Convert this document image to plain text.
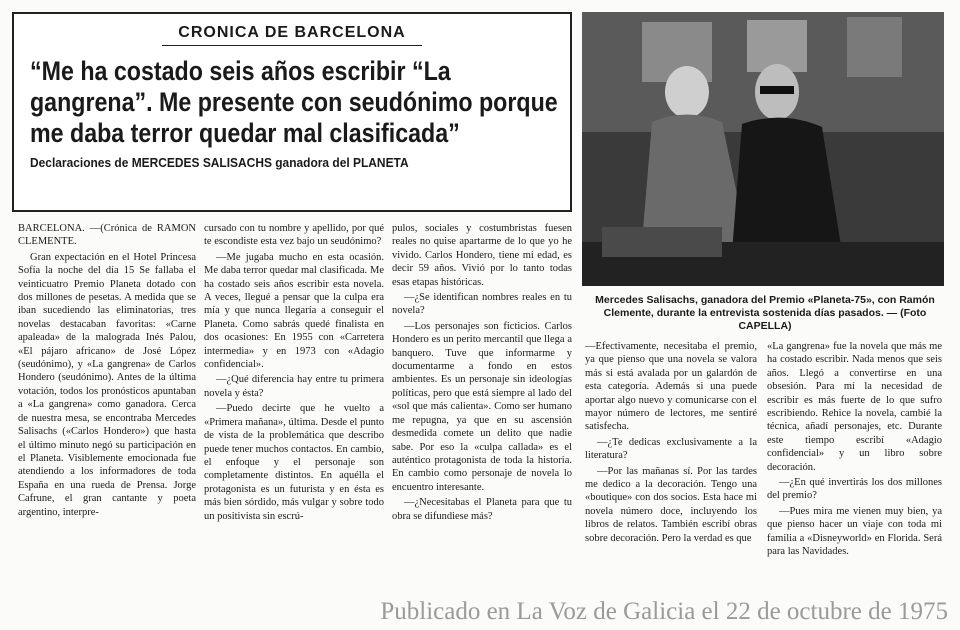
CRONICA DE BARCELONA
“Me ha costado seis años escribir “La gangrena”. Me presente con seudónimo porque me daba terror quedar mal clasificada”
Declaraciones de MERCEDES SALISACHS ganadora del PLANETA
Mercedes Salisachs, ganadora del Premio «Planeta-75», con Ramón Clemente, durante la entrevista sostenida días pasados. — (Foto CAPELLA)

BARCELONA. —(Crónica de RAMON CLEMENTE.

Gran expectación en el Hotel Princesa Sofía la noche del día 15 Se fallaba el veinticuatro Premio Planeta dotado con dos millones de pesetas. A medida que se iban sucediendo las eliminatorias, tres novelas destacaban favoritas: «Carne apaleada» de la malograda Inés Palou, «El pájaro africano» de José López (seudónimo), y «La gangrena» de Carlos Hondero (seudónimo). Antes de la última votación, todos los pronósticos apuntaban a «La gangrena» como ganadora. Cerca de nuestra mesa, se encontraba Mercedes Salisachs («Carlos Hondero») que hasta el último minuto negó su participación en el Planeta. Visiblemente emocionada fue atendiendo a los informadores de toda España en una rueda de Prensa. Jorge Cafrune, el gran cantante y poeta argentino, interpre-

cursado con tu nombre y apellido, por qué te escondiste esta vez bajo un seudónimo?

—Me jugaba mucho en esta ocasión. Me daba terror quedar mal clasificada. Me ha costado seis años escribir esta novela. A veces, llegué a pensar que la culpa era mía y que nunca llegaría a conseguir el Planeta. Como sabrás quedé finalista en dos ocasiones: En 1955 con «Carretera intermedia» y en 1973 con «Adagio confidencial».

—¿Qué diferencia hay entre tu primera novela y ésta?

—Puedo decirte que he vuelto a «Primera mañana», última. Desde el punto de vista de la problemática que describo puede tener muchos contactos. En cambio, el enfoque y el personaje son completamente distintos. En aquélla el protagonista es un futurista y en ésta es más bien sórdido, más vulgar y sobre todo un positivista sin escrú-

pulos, sociales y costumbristas fuesen reales no quise apartarme de lo que yo he vivido. Carlos Hondero, tiene mi edad, es decir 59 años. Vivió por lo tanto todas esas etapas históricas.

—¿Se identifican nombres reales en tu novela?

—Los personajes son ficticios. Carlos Hondero es un perito mercantil que llega a banquero. Tuve que informarme y documentarme a fondo en estos ambientes. Es un personaje sin ideologías políticas, pero que está siempre al lado del «sol que más calienta». Como ser humano me repugna, ya que en su ascensión desmedida comete un delito que nadie sabe. Por eso la «culpa callada» es el auténtico protagonista de toda la historia. En cambio como personaje de novela lo encuentro interesante.

—¿Necesitabas el Planeta para que tu obra se difundiese más?

—Efectivamente, necesitaba el premio, ya que pienso que una novela se valora más si está avalada por un galardón de esta categoría. Además si una puede aportar algo nuevo y comunicarse con el mayor número de lectores, me sentiré satisfecha.

—¿Te dedicas exclusivamente a la literatura?

—Por las mañanas sí. Por las tardes me dedico a la decoración. Tengo una «boutique» con dos socios. Esta hace mi novela número doce, incluyendo los libros de relatos. También escribí obras sobre decoración. Pero la verdad es que

«La gangrena» fue la novela que más me ha costado escribir. Nada menos que seis años. Llegó a convertirse en una obsesión. Para mí la necesidad de escribir es más fuerte de lo que sufro escribiendo. Rehice la novela, cambié la técnica, añadí personajes, etc. Durante este tiempo escribí «Adagio confidencial» y un libro sobre decoración.

—¿En qué invertirás los dos millones del premio?

—Pues mira me vienen muy bien, ya que pienso hacer un viaje con toda mi familia a «Disneyworld» en Florida. Será para las Navidades.

Publicado en La Voz de Galicia el 22 de octubre de 1975
